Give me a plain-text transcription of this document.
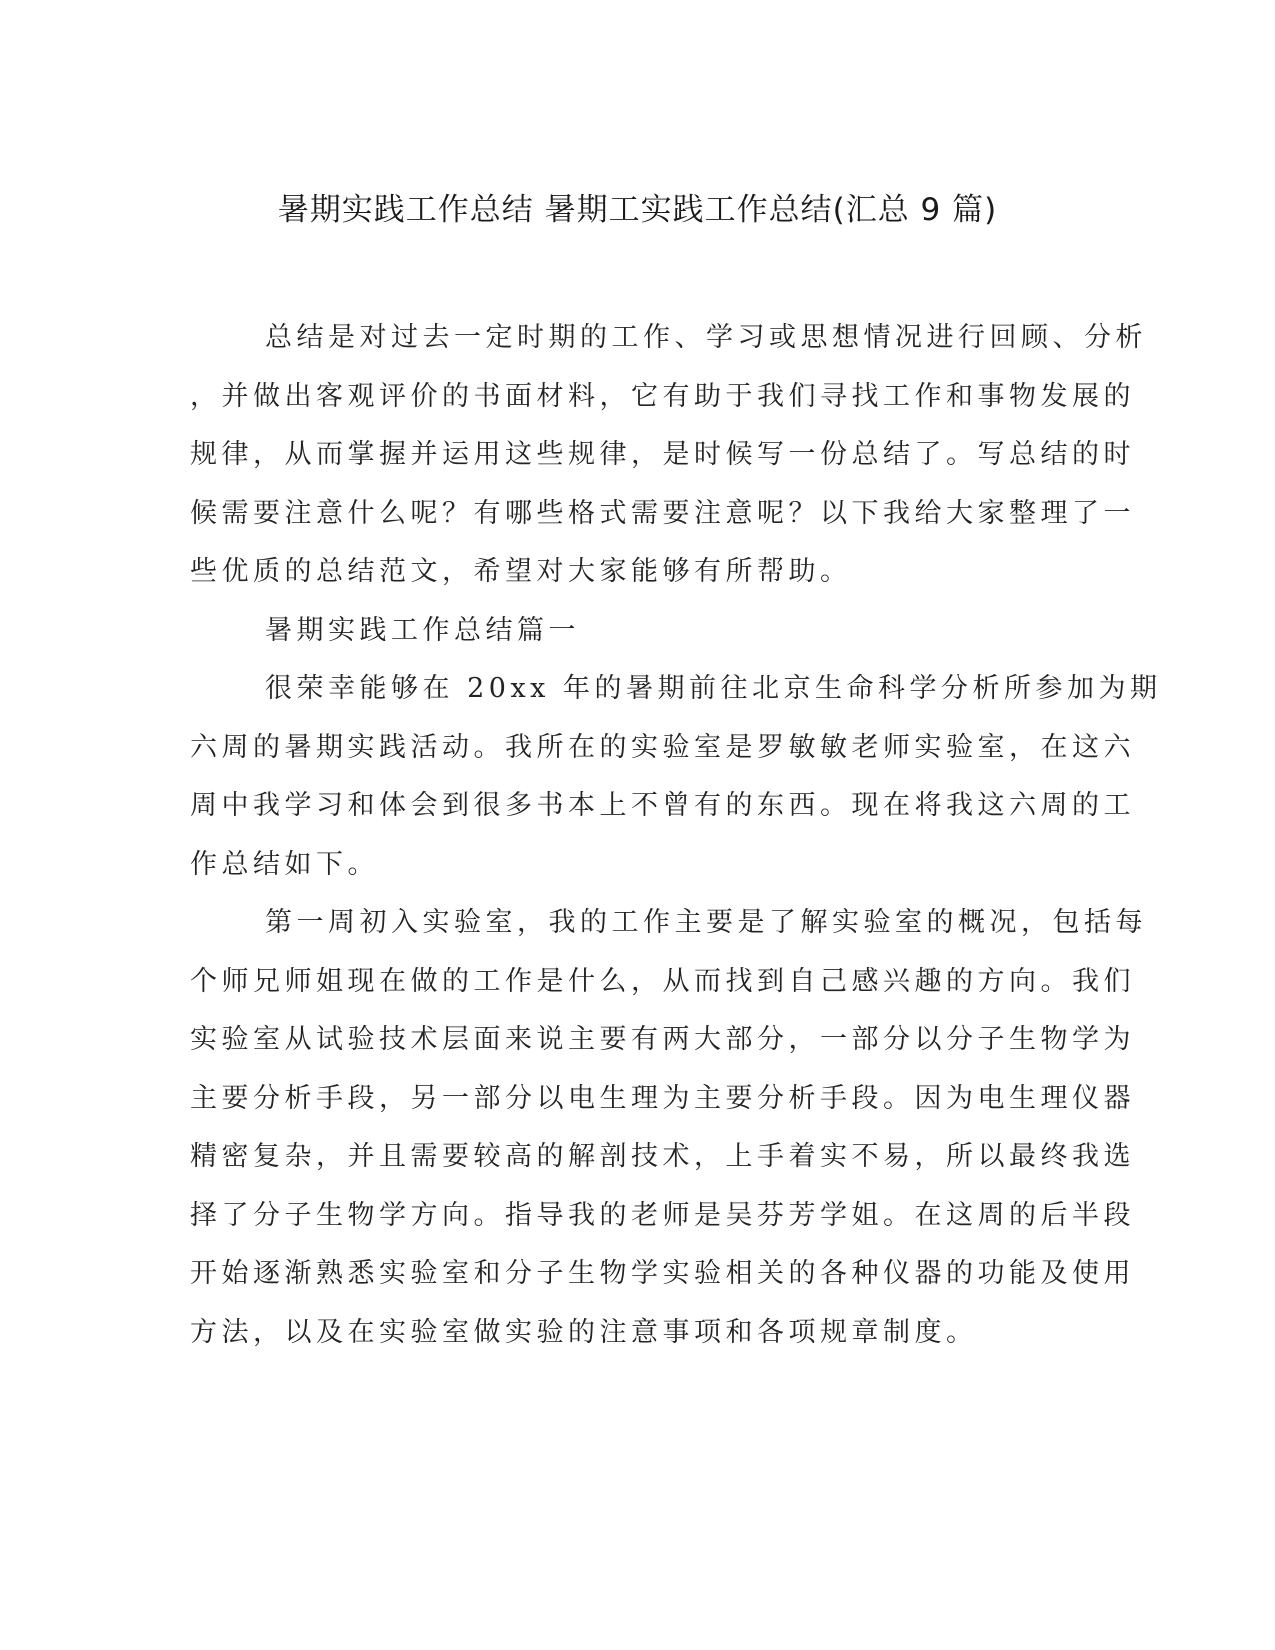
暑期实践工作总结 暑期工实践工作总结(汇总 9 篇)
总结是对过去一定时期的工作、学习或思想情况进行回顾、分析
，并做出客观评价的书面材料，它有助于我们寻找工作和事物发展的
规律，从而掌握并运用这些规律，是时候写一份总结了。写总结的时
候需要注意什么呢？有哪些格式需要注意呢？以下我给大家整理了一
些优质的总结范文，希望对大家能够有所帮助。
暑期实践工作总结篇一
很荣幸能够在 20xx 年的暑期前往北京生命科学分析所参加为期
六周的暑期实践活动。我所在的实验室是罗敏敏老师实验室，在这六
周中我学习和体会到很多书本上不曾有的东西。现在将我这六周的工
作总结如下。
第一周初入实验室，我的工作主要是了解实验室的概况，包括每
个师兄师姐现在做的工作是什么，从而找到自己感兴趣的方向。我们
实验室从试验技术层面来说主要有两大部分，一部分以分子生物学为
主要分析手段，另一部分以电生理为主要分析手段。因为电生理仪器
精密复杂，并且需要较高的解剖技术，上手着实不易，所以最终我选
择了分子生物学方向。指导我的老师是吴芬芳学姐。在这周的后半段
开始逐渐熟悉实验室和分子生物学实验相关的各种仪器的功能及使用
方法，以及在实验室做实验的注意事项和各项规章制度。
